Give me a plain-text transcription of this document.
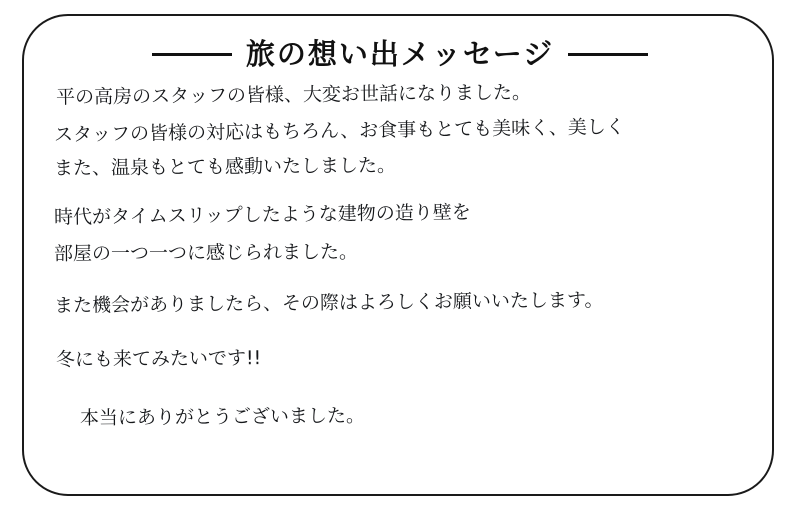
旅の想い出メッセージ
平の高房のスタッフの皆様、大変お世話になりました。
スタッフの皆様の対応はもちろん、お食事もとても美味く、美しく
また、温泉もとても感動いたしました。
時代がタイムスリップしたような建物の造り壁を
部屋の一つ一つに感じられました。
また機会がありましたら、その際はよろしくお願いいたします。
冬にも来てみたいです!!
本当にありがとうございました。
